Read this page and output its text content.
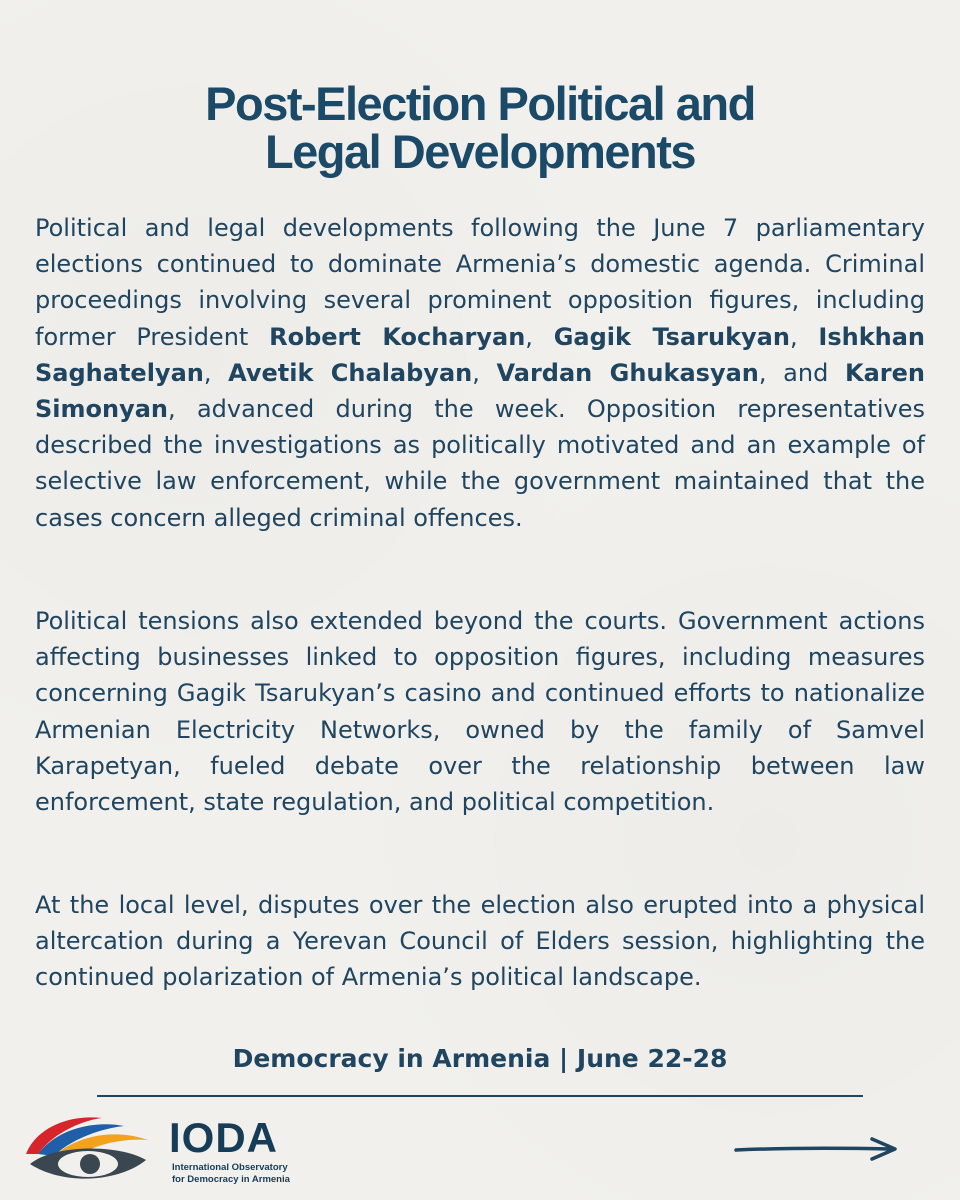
Post-Election Political and
Legal Developments

Political and legal developments following the June 7 parliamentary elections continued to dominate Armenia’s domestic agenda. Criminal proceedings involving several prominent opposition figures, including former President Robert Kocharyan, Gagik Tsarukyan, Ishkhan Saghatelyan, Avetik Chalabyan, Vardan Ghukasyan, and Karen Simonyan, advanced during the week. Opposition representatives described the investigations as politically motivated and an example of selective law enforcement, while the government maintained that the cases concern alleged criminal offences.

Political tensions also extended beyond the courts. Government actions affecting businesses linked to opposition figures, including measures concerning Gagik Tsarukyan’s casino and continued efforts to nationalize Armenian Electricity Networks, owned by the family of Samvel Karapetyan, fueled debate over the relationship between law enforcement, state regulation, and political competition.

At the local level, disputes over the election also erupted into a physical altercation during a Yerevan Council of Elders session, highlighting the continued polarization of Armenia’s political landscape.

Democracy in Armenia | June 22-28
IODA
International Observatory
for Democracy in Armenia
